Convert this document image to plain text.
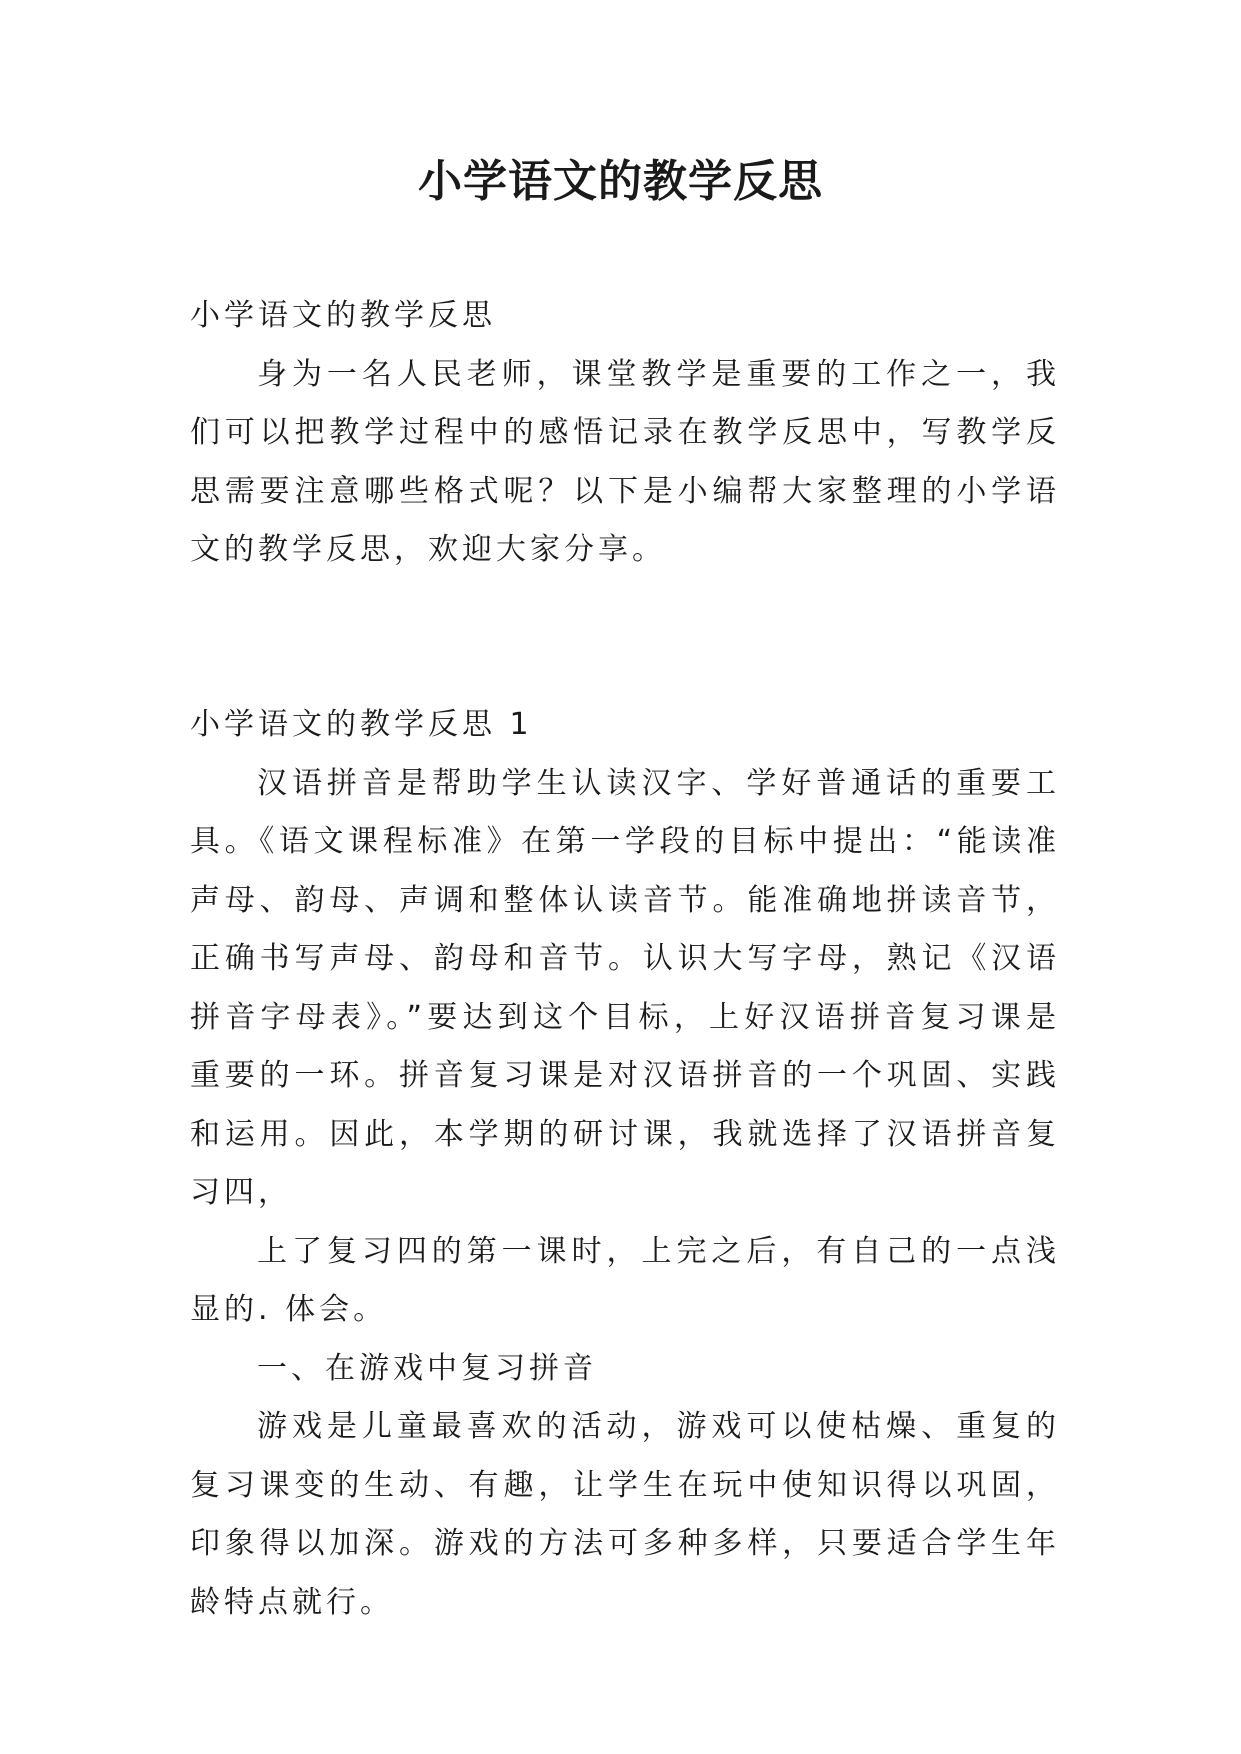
小学语文的教学反思

小学语文的教学反思

身为一名人民老师，课堂教学是重要的工作之一，我们可以把教学过程中的感悟记录在教学反思中，写教学反思需要注意哪些格式呢？以下是小编帮大家整理的小学语文的教学反思，欢迎大家分享。

小学语文的教学反思 1

汉语拼音是帮助学生认读汉字、学好普通话的重要工具。《语文课程标准》在第一学段的目标中提出：“能读准声母、韵母、声调和整体认读音节。能准确地拼读音节，正确书写声母、韵母和音节。认识大写字母，熟记《汉语拼音字母表》。”要达到这个目标，上好汉语拼音复习课是重要的一环。拼音复习课是对汉语拼音的一个巩固、实践和运用。因此，本学期的研讨课，我就选择了汉语拼音复习四，

上了复习四的第一课时，上完之后，有自己的一点浅显的. 体会。

一、在游戏中复习拼音

游戏是儿童最喜欢的活动，游戏可以使枯燥、重复的复习课变的生动、有趣，让学生在玩中使知识得以巩固，印象得以加深。游戏的方法可多种多样，只要适合学生年龄特点就行。
